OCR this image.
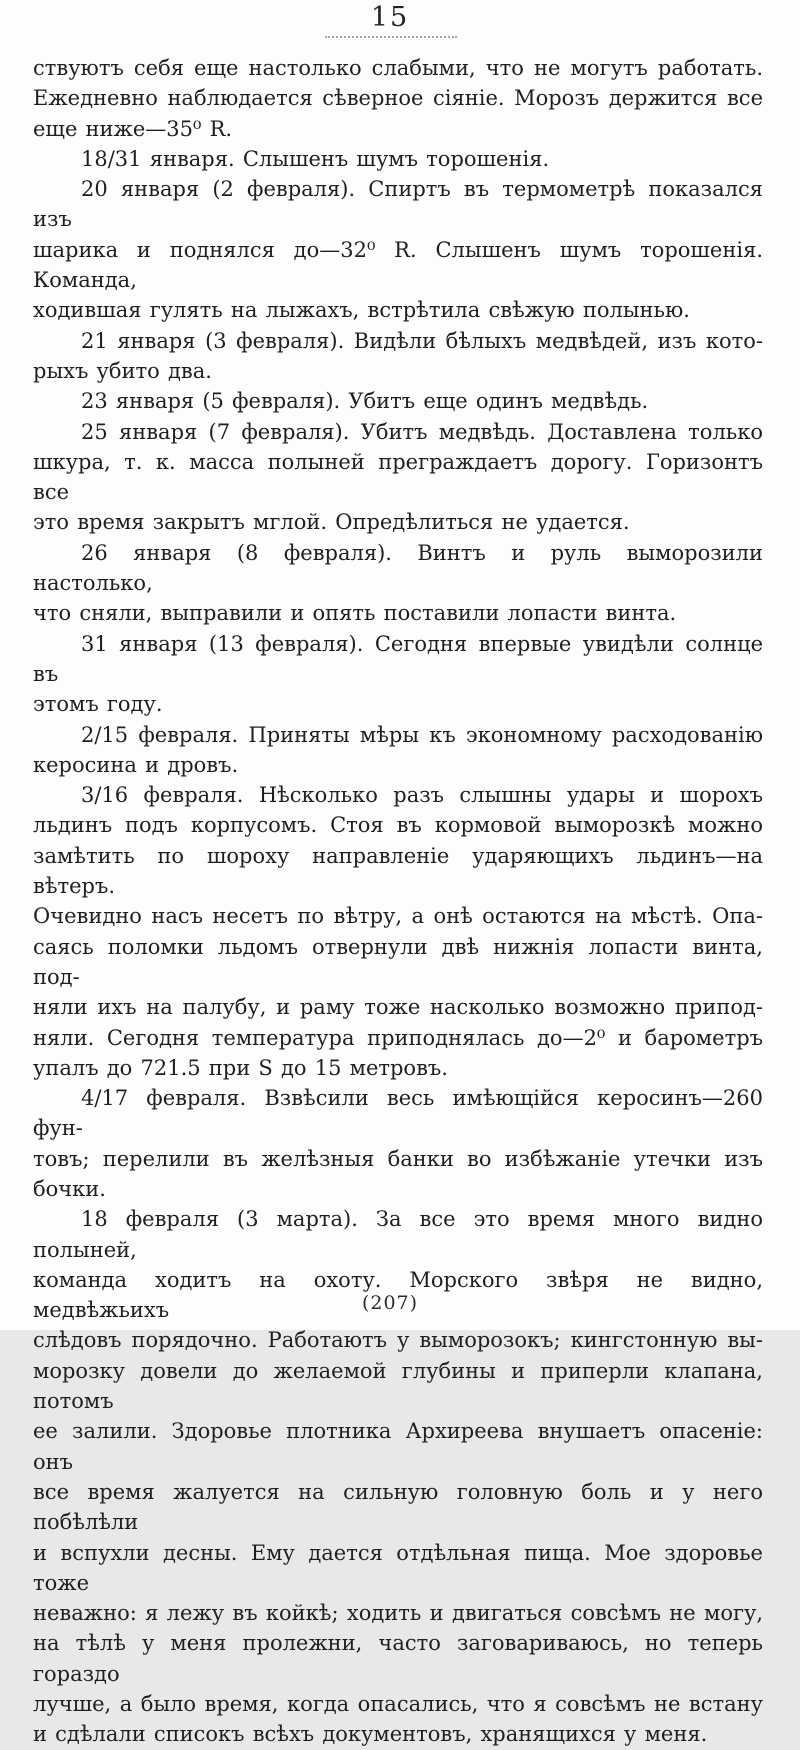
15
ствуютъ себя еще настолько слабыми, что не могутъ работать.
Ежедневно наблюдается сѣверное сіяніе. Морозъ держится все
еще ниже—35⁰ R.
18/31 января. Слышенъ шумъ торошенія.
20 января (2 февраля). Спиртъ въ термометрѣ показался изъ
шарика и поднялся до—32⁰ R. Слышенъ шумъ торошенія. Команда,
ходившая гулять на лыжахъ, встрѣтила свѣжую полынью.
21 января (3 февраля). Видѣли бѣлыхъ медвѣдей, изъ кото-
рыхъ убито два.
23 января (5 февраля). Убитъ еще одинъ медвѣдь.
25 января (7 февраля). Убитъ медвѣдь. Доставлена только
шкура, т. к. масса полыней преграждаетъ дорогу. Горизонтъ все
это время закрытъ мглой. Опредѣлиться не удается.
26 января (8 февраля). Винтъ и руль выморозили настолько,
что сняли, выправили и опять поставили лопасти винта.
31 января (13 февраля). Сегодня впервые увидѣли солнце въ
этомъ году.
2/15 февраля. Приняты мѣры къ экономному расходованію
керосина и дровъ.
3/16 февраля. Нѣсколько разъ слышны удары и шорохъ
льдинъ подъ корпусомъ. Стоя въ кормовой выморозкѣ можно
замѣтить по шороху направленіе ударяющихъ льдинъ—на вѣтеръ.
Очевидно насъ несетъ по вѣтру, а онѣ остаются на мѣстѣ. Опа-
саясь поломки льдомъ отвернули двѣ нижнія лопасти винта, под-
няли ихъ на палубу, и раму тоже насколько возможно припод-
няли. Сегодня температура приподнялась до—2⁰ и барометръ
упалъ до 721.5 при S до 15 метровъ.
4/17 февраля. Взвѣсили весь имѣющійся керосинъ—260 фун-
товъ; перелили въ желѣзныя банки во избѣжаніе утечки изъ бочки.
18 февраля (3 марта). За все это время много видно полыней,
команда ходитъ на охоту. Морского звѣря не видно, медвѣжьихъ
слѣдовъ порядочно. Работаютъ у выморозокъ; кингстонную вы-
морозку довели до желаемой глубины и приперли клапана, потомъ
ее залили. Здоровье плотника Архиреева внушаетъ опасеніе: онъ
все время жалуется на сильную головную боль и у него побѣлѣли
и вспухли десны. Ему дается отдѣльная пища. Мое здоровье тоже
неважно: я лежу въ койкѣ; ходить и двигаться совсѣмъ не могу,
на тѣлѣ у меня пролежни, часто заговариваюсь, но теперь гораздо
лучше, а было время, когда опасались, что я совсѣмъ не встану
и сдѣлали списокъ всѣхъ документовъ, хранящихся у меня.
(207)
